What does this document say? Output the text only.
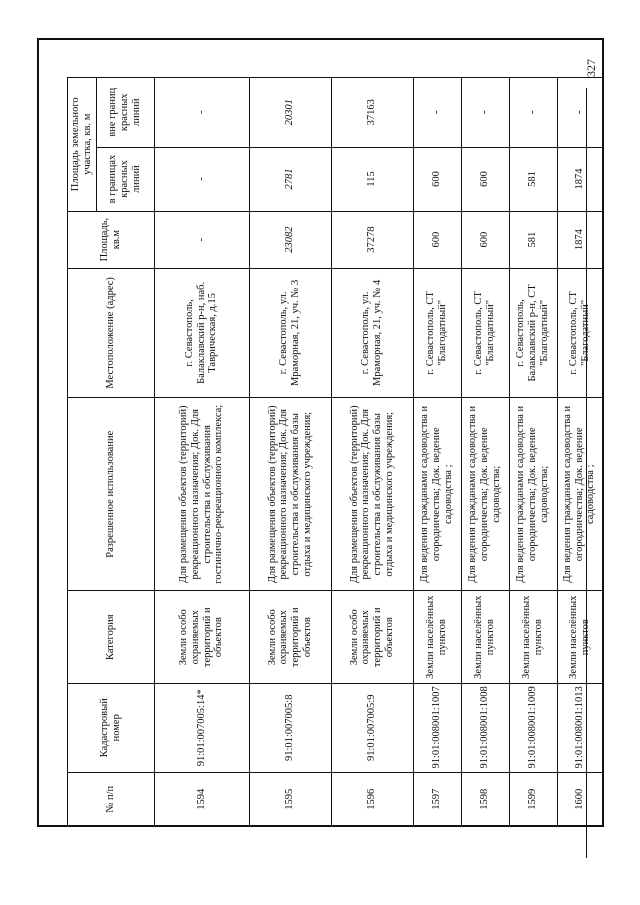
327
№ п/п	Кадастровый номер	Категория	Разрешенное использование	Местоположение (адрес)	Площадь, кв.м	Площадь земельного участка, кв. м	
						в границах красных линий	вне границ красных линий
1594	91:01:007005:14*	Земли особо охраняемых территорий и объектов	Для размещения объектов (территорий) рекреационного назначения; Док. Для строительства и обслуживания гостинично-рекреационного комплекса;	г. Севастополь, Балаклавский р-н, наб. Таврическая, д.15	-	-	-
1595	91:01:007005:8	Земли особо охраняемых территорий и объектов	Для размещения объектов (территорий) рекреационного назначения; Док. Для строительства и обслуживания базы отдыха и медицинского учреждения;	г. Севастополь, ул. Мраморная, 21, уч. № 3	23082	2781	20301
1596	91:01:007005:9	Земли особо охраняемых территорий и объектов	Для размещения объектов (территорий) рекреационного назначения; Док. Для строительства и обслуживания базы отдыха и медицинского учреждения;	г. Севастополь, ул. Мраморная, 21, уч. № 4	37278	115	37163
1597	91:01:008001:1007	Земли населённых пунктов	Для ведения гражданами садоводства и огородничества; Док. ведение садоводства ;	г. Севастополь, СТ "Благодатный"	600	600	-
1598	91:01:008001:1008	Земли населённых пунктов	Для ведения гражданами садоводства и огородничества; Док. ведение садоводства;	г. Севастополь, СТ "Благодатный"	600	600	-
1599	91:01:008001:1009	Земли населённых пунктов	Для ведения гражданами садоводства и огородничества; Док. ведение садоводства;	г. Севастополь, Балаклавский р-н, СТ "Благодатный"	581	581	-
1600	91:01:008001:1013	Земли населённых пунктов	Для ведения гражданами садоводства и огородничества; Док. ведение садоводства ;	г. Севастополь, СТ "Благодатный"	1874	1874	-
